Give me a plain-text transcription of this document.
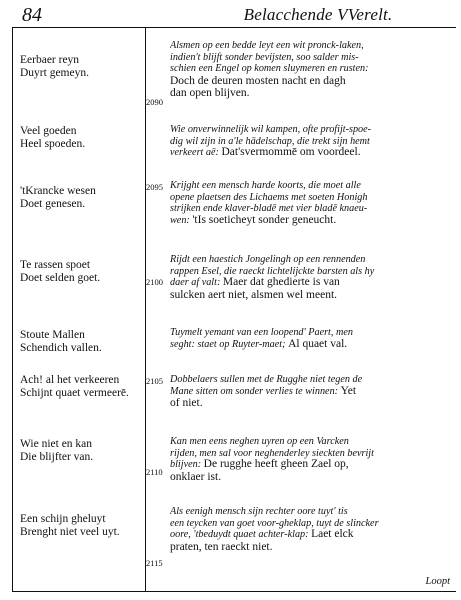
84	Belacchende VVerelt.
Eerbaer reyn
Duyrt gemeyn.
Alsmen op een bedde leyt een wit pronck-laken,
indien't blijft sonder bevijsten, soo salder mis-
schien een Engel op komen sluymeren en rusten:
Doch de deuren mosten nacht en dagh
dan open blijven.
2090
Veel goeden
Heel spoeden.
Wie onverwinnelijk wil kampen, ofte profijt-spoe-
dig wil zijn in a'le hādelschap, die trekt sijn hemt
verkeert aē: Dat'svermommē om voordeel.
'tKrancke wesen
Doet genesen.
Krijght een mensch harde koorts, die moet alle
opene plaetsen des Lichaems met soeten Honigh
strijken ende klaver-bladē met vier bladē knaeu-
wen: 'tIs soeticheyt sonder geneucht.
2095
Te rassen spoet
Doet selden goet.
Rijdt een haestich Jongelingh op een rennenden
rappen Esel, die raeckt lichtelijckte barsten als hy
daer af valt: Maer dat ghedierte is van
sulcken aert niet, alsmen wel meent.
2100
Stoute Mallen
Schendich vallen.
Tuymelt yemant van een loopend' Paert, men
seght: staet op Ruyter-maet; Al quaet val.
Ach! al het verkeeren
Schijnt quaet vermeerē.
Dobbelaers sullen met de Rugghe niet tegen de
Mane sitten om sonder verlies te winnen: Yet
of niet.
2105
Wie niet en kan
Die blijfter van.
Kan men eens neghen uyren op een Varcken
rijden, men sal voor neghenderley sieckten bevrijt
blijven: De rugghe heeft gheen Zael op,
onklaer ist.
2110
Een schijn gheluyt
Brenght niet veel uyt.
Als eenigh mensch sijn rechter oore tuyt' tis
een teycken van goet voor-gheklap, tuyt de slincker
oore, 'tbeduydt quaet achter-klap: Laet elck
praten, ten raeckt niet.
2115
Loopt
